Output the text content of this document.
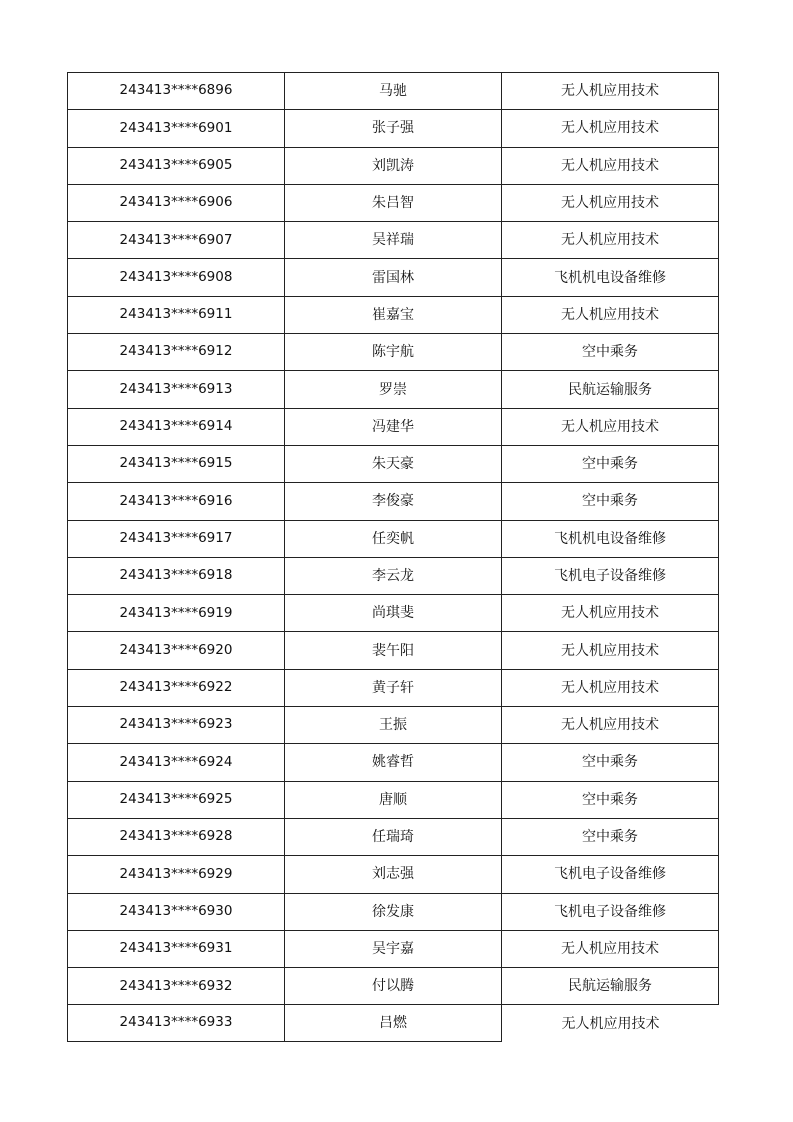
243413****6896	马驰	无人机应用技术
243413****6901	张子强	无人机应用技术
243413****6905	刘凯涛	无人机应用技术
243413****6906	朱吕智	无人机应用技术
243413****6907	吴祥瑞	无人机应用技术
243413****6908	雷国林	飞机机电设备维修
243413****6911	崔嘉宝	无人机应用技术
243413****6912	陈宇航	空中乘务
243413****6913	罗崇	民航运输服务
243413****6914	冯建华	无人机应用技术
243413****6915	朱天豪	空中乘务
243413****6916	李俊豪	空中乘务
243413****6917	任奕帆	飞机机电设备维修
243413****6918	李云龙	飞机电子设备维修
243413****6919	尚琪斐	无人机应用技术
243413****6920	裴午阳	无人机应用技术
243413****6922	黄子轩	无人机应用技术
243413****6923	王振	无人机应用技术
243413****6924	姚睿哲	空中乘务
243413****6925	唐顺	空中乘务
243413****6928	任瑞琦	空中乘务
243413****6929	刘志强	飞机电子设备维修
243413****6930	徐发康	飞机电子设备维修
243413****6931	吴宇嘉	无人机应用技术
243413****6932	付以腾	民航运输服务
243413****6933	吕燃	无人机应用技术
